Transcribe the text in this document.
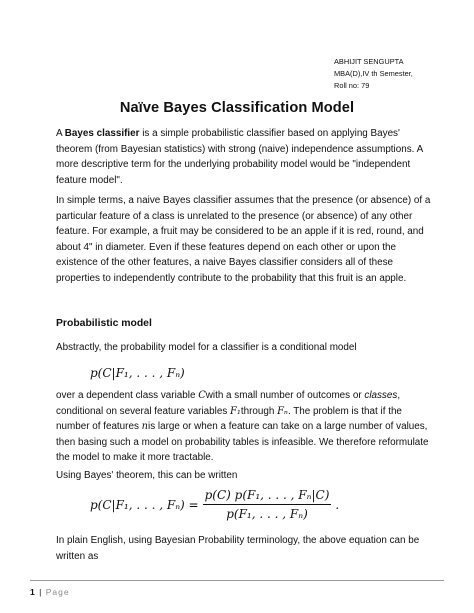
ABHIJIT SENGUPTA
MBA(D),IV th Semester,
Roll no: 79
Naïve Bayes Classification Model
A Bayes classifier is a simple probabilistic classifier based on applying Bayes' theorem (from Bayesian statistics) with strong (naive) independence assumptions. A more descriptive term for the underlying probability model would be "independent feature model".
In simple terms, a naive Bayes classifier assumes that the presence (or absence) of a particular feature of a class is unrelated to the presence (or absence) of any other feature. For example, a fruit may be considered to be an apple if it is red, round, and about 4" in diameter. Even if these features depend on each other or upon the existence of the other features, a naive Bayes classifier considers all of these properties to independently contribute to the probability that this fruit is an apple.
Probabilistic model
Abstractly, the probability model for a classifier is a conditional model
p(C|F₁, . . . , Fₙ)
over a dependent class variable Cwith a small number of outcomes or classes, conditional on several feature variables F₁through Fₙ. The problem is that if the number of features nis large or when a feature can take on a large number of values, then basing such a model on probability tables is infeasible. We therefore reformulate the model to make it more tractable.
Using Bayes' theorem, this can be written
p(C|F₁, . . . , $F_n) = \frac{\text{p(C) p(F₁, . . . , Fₙ|C)}}{\text{p(F₁, . . . , Fₙ)}}$ .
In plain English, using Bayesian Probability terminology, the above equation can be written as
1 | Page
